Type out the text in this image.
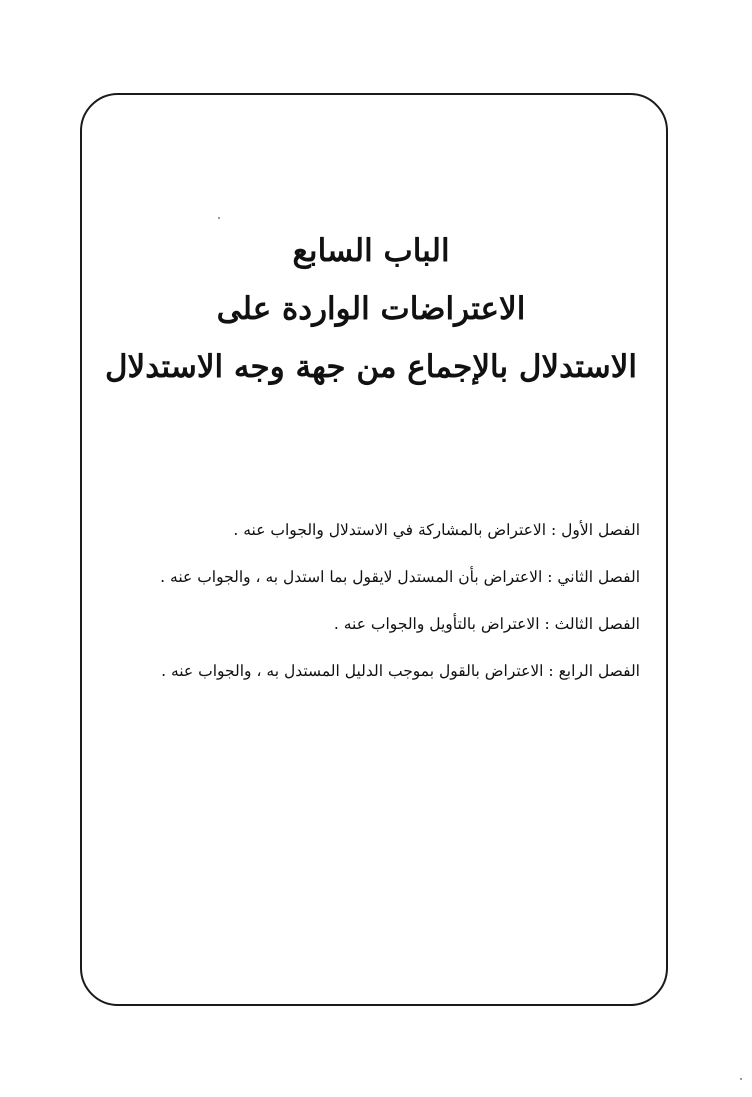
الباب السابع
الاعتراضات الواردة على
الاستدلال بالإجماع من جهة وجه الاستدلال
الفصل الأول : الاعتراض بالمشاركة في الاستدلال والجواب عنه .
الفصل الثاني : الاعتراض بأن المستدل لايقول بما استدل به ، والجواب عنه .
الفصل الثالث : الاعتراض بالتأويل والجواب عنه .
الفصل الرابع : الاعتراض بالقول بموجب الدليل المستدل به ، والجواب عنه .
